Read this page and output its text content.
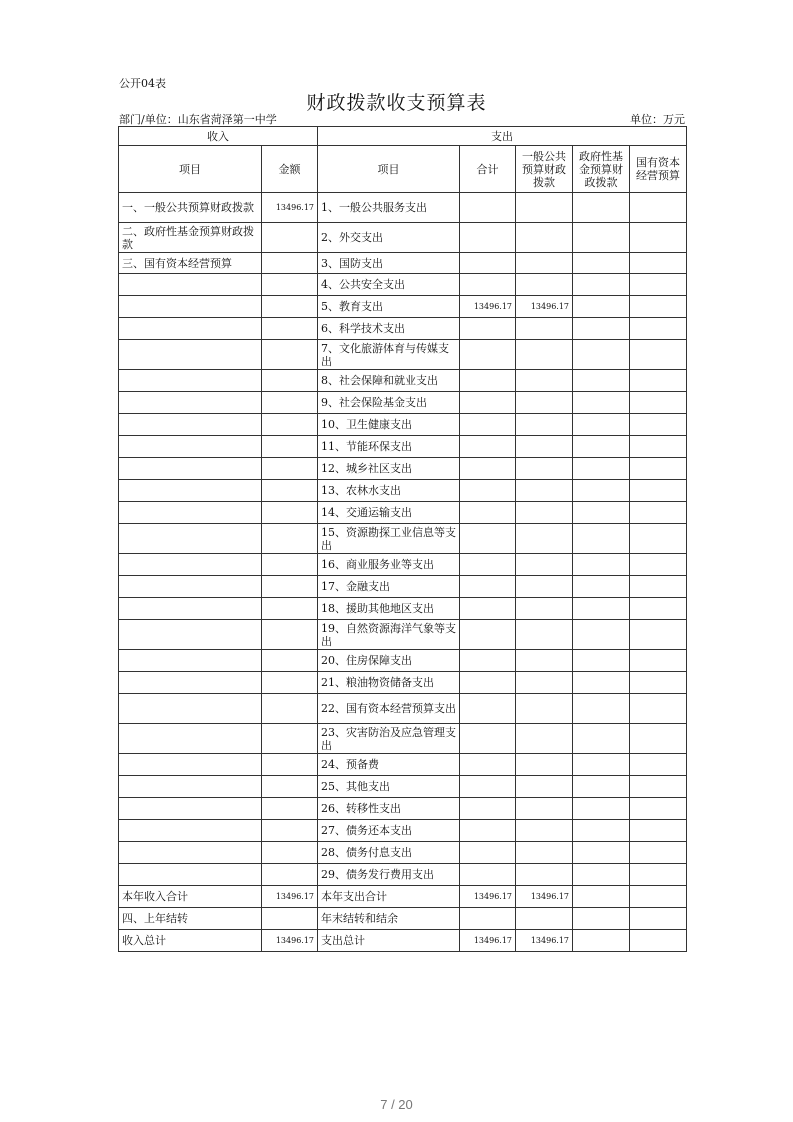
公开04表
财政拨款收支预算表
部门/单位：山东省菏泽第一中学	单位：万元
收入		支出				
项目	金额	项目	合计	一般公共预算财政拨款	政府性基金预算财政拨款	国有资本经营预算
一、一般公共预算财政拨款	13496.17	1、一般公共服务支出				
二、政府性基金预算财政拨款		2、外交支出				
三、国有资本经营预算		3、国防支出				
		4、公共安全支出				
		5、教育支出	13496.17	13496.17		
		6、科学技术支出				
		7、文化旅游体育与传媒支出				
		8、社会保障和就业支出				
		9、社会保险基金支出				
		10、卫生健康支出				
		11、节能环保支出				
		12、城乡社区支出				
		13、农林水支出				
		14、交通运输支出				
		15、资源勘探工业信息等支出				
		16、商业服务业等支出				
		17、金融支出				
		18、援助其他地区支出				
		19、自然资源海洋气象等支出				
		20、住房保障支出				
		21、粮油物资储备支出				
		22、国有资本经营预算支出				
		23、灾害防治及应急管理支出				
		24、预备费				
		25、其他支出				
		26、转移性支出				
		27、债务还本支出				
		28、债务付息支出				
		29、债务发行费用支出				
本年收入合计	13496.17	本年支出合计	13496.17	13496.17		
四、上年结转		年末结转和结余				
收入总计	13496.17	支出总计	13496.17	13496.17		
7 / 20
